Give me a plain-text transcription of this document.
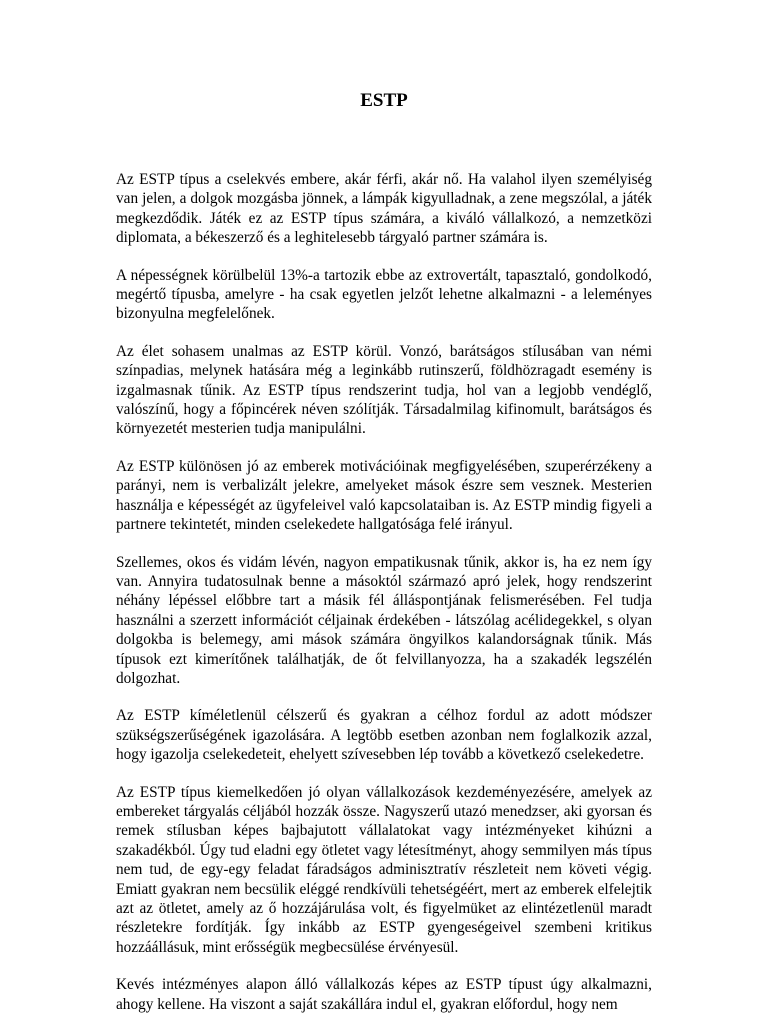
ESTP

Az ESTP típus a cselekvés embere, akár férfi, akár nő. Ha valahol ilyen személyiség van jelen, a dolgok mozgásba jönnek, a lámpák kigyulladnak, a zene megszólal, a játék megkezdődik. Játék ez az ESTP típus számára, a kiváló vállalkozó, a nemzetközi diplomata, a békeszerző és a leghitelesebb tárgyaló partner számára is.

A népességnek körülbelül 13%-a tartozik ebbe az extrovertált, tapasztaló, gondolkodó, megértő típusba, amelyre - ha csak egyetlen jelzőt lehetne alkalmazni - a leleményes bizonyulna megfelelőnek.

Az élet sohasem unalmas az ESTP körül. Vonzó, barátságos stílusában van némi színpadias, melynek hatására még a leginkább rutinszerű, földhözragadt esemény is izgalmasnak tűnik. Az ESTP típus rendszerint tudja, hol van a legjobb vendéglő, valószínű, hogy a főpincérek néven szólítják. Társadalmilag kifinomult, barátságos és környezetét mesterien tudja manipulálni.

Az ESTP különösen jó az emberek motivációinak megfigyelésében, szuperérzékeny a parányi, nem is verbalizált jelekre, amelyeket mások észre sem vesznek. Mesterien használja e képességét az ügyfeleivel való kapcsolataiban is. Az ESTP mindig figyeli a partnere tekintetét, minden cselekedete hallgatósága felé irányul.

Szellemes, okos és vidám lévén, nagyon empatikusnak tűnik, akkor is, ha ez nem így van. Annyira tudatosulnak benne a másoktól származó apró jelek, hogy rendszerint néhány lépéssel előbbre tart a másik fél álláspontjának felismerésében. Fel tudja használni a szerzett információt céljainak érdekében - látszólag acélidegekkel, s olyan dolgokba is belemegy, ami mások számára öngyilkos kalandorságnak tűnik. Más típusok ezt kimerítőnek találhatják, de őt felvillanyozza, ha a szakadék legszélén dolgozhat.

Az ESTP kíméletlenül célszerű és gyakran a célhoz fordul az adott módszer szükségszerűségének igazolására. A legtöbb esetben azonban nem foglalkozik azzal, hogy igazolja cselekedeteit, ehelyett szívesebben lép tovább a következő cselekedetre.

Az ESTP típus kiemelkedően jó olyan vállalkozások kezdeményezésére, amelyek az embereket tárgyalás céljából hozzák össze. Nagyszerű utazó menedzser, aki gyorsan és remek stílusban képes bajbajutott vállalatokat vagy intézményeket kihúzni a szakadékból. Úgy tud eladni egy ötletet vagy létesítményt, ahogy semmilyen más típus nem tud, de egy-egy feladat fáradságos adminisztratív részleteit nem követi végig. Emiatt gyakran nem becsülik eléggé rendkívüli tehetségéért, mert az emberek elfelejtik azt az ötletet, amely az ő hozzájárulása volt, és figyelmüket az elintézetlenül maradt részletekre fordítják. Így inkább az ESTP gyengeségeivel szembeni kritikus hozzáállásuk, mint erősségük megbecsülése érvényesül.

Kevés intézményes alapon álló vállalkozás képes az ESTP típust úgy alkalmazni, ahogy kellene. Ha viszont a saját szakállára indul el, gyakran előfordul, hogy nem
